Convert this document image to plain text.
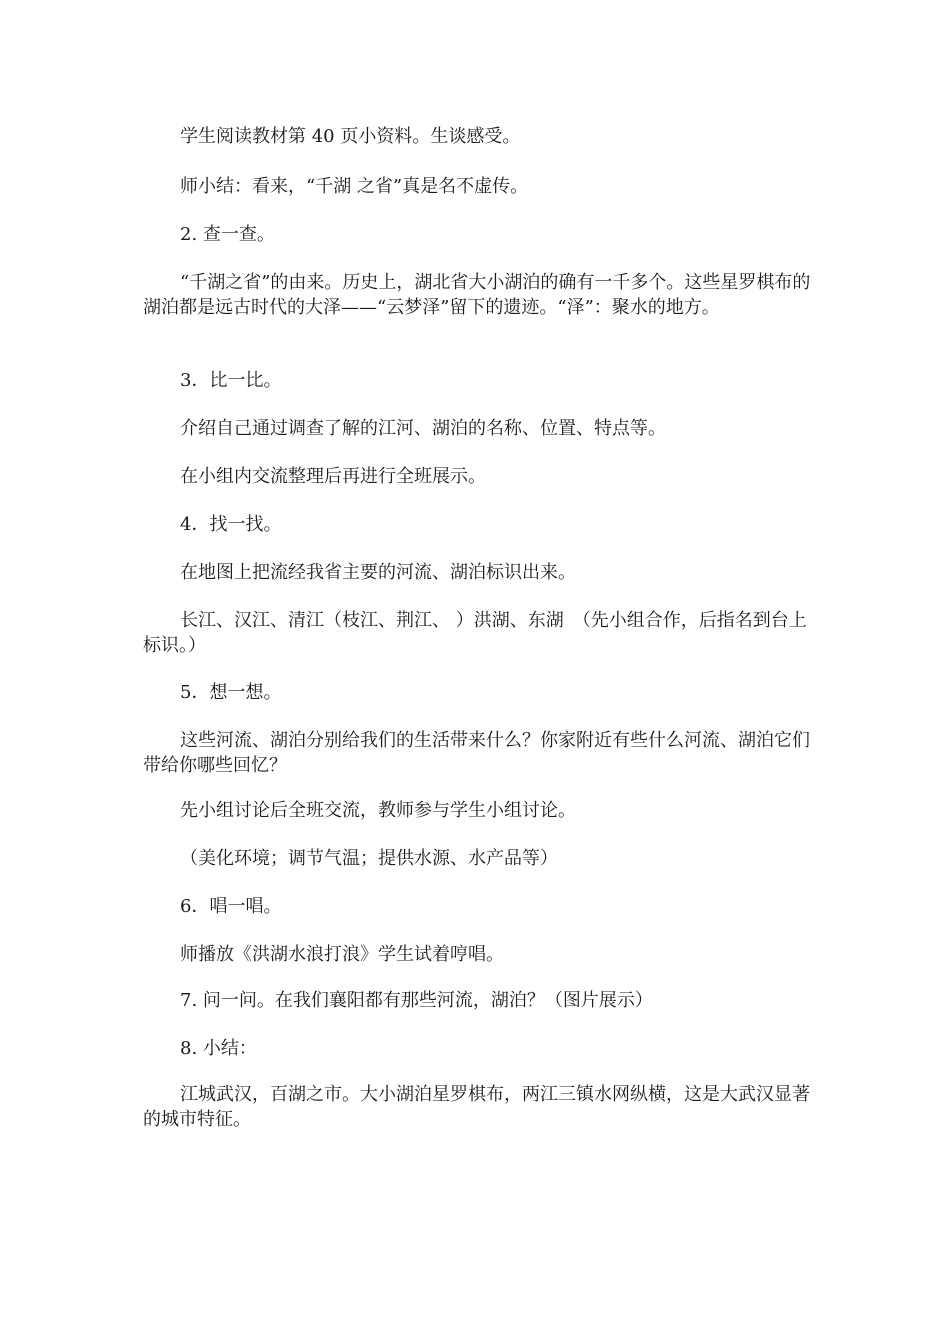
学生阅读教材第 40 页小资料。生谈感受。

师小结：看来，“千湖 之省”真是名不虚传。

2. 查一查。

“千湖之省”的由来。历史上，湖北省大小湖泊的确有一千多个。这些星罗棋布的湖泊都是远古时代的大泽——“云梦泽”留下的遗迹。“泽”：聚水的地方。

3．比一比。

介绍自己通过调查了解的江河、湖泊的名称、位置、特点等。

在小组内交流整理后再进行全班展示。

4．找一找。

在地图上把流经我省主要的河流、湖泊标识出来。

长江、汉江、清江（枝江、荆江、 ）洪湖、东湖　（先小组合作，后指名到台上标识。）

5．想一想。

这些河流、湖泊分别给我们的生活带来什么？你家附近有些什么河流、湖泊它们带给你哪些回忆？

先小组讨论后全班交流，教师参与学生小组讨论。

（美化环境；调节气温；提供水源、水产品等）

6．唱一唱。

师播放《洪湖水浪打浪》学生试着哼唱。

7. 问一问。在我们襄阳都有那些河流，湖泊？（图片展示）

8. 小结：

江城武汉，百湖之市。大小湖泊星罗棋布，两江三镇水网纵横，这是大武汉显著的城市特征。
